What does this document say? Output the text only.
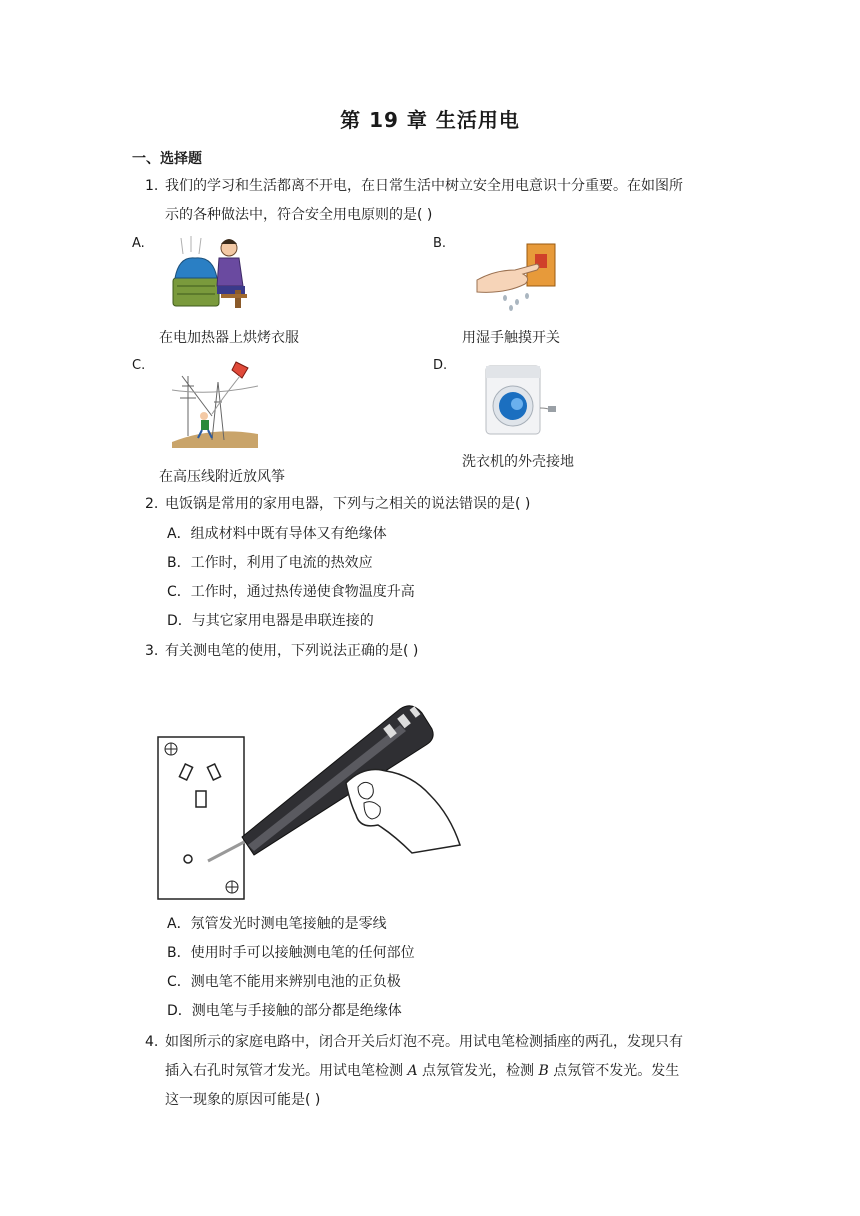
第 19 章 生活用电
一、选择题
1. 我们的学习和生活都离不开电，在日常生活中树立安全用电意识十分重要。在如图所
示的各种做法中，符合安全用电原则的是( )
A.
在电加热器上烘烤衣服
B.
用湿手触摸开关
C.
在高压线附近放风筝
D.
洗衣机的外壳接地
2. 电饭锅是常用的家用电器，下列与之相关的说法错误的是( )
A．组成材料中既有导体又有绝缘体
B．工作时，利用了电流的热效应
C．工作时，通过热传递使食物温度升高
D．与其它家用电器是串联连接的
3. 有关测电笔的使用，下列说法正确的是( )
A．氖管发光时测电笔接触的是零线
B．使用时手可以接触测电笔的任何部位
C．测电笔不能用来辨别电池的正负极
D．测电笔与手接触的部分都是绝缘体
4. 如图所示的家庭电路中，闭合开关后灯泡不亮。用试电笔检测插座的两孔，发现只有
插入右孔时氖管才发光。用试电笔检测 A 点氖管发光，检测 B 点氖管不发光。发生
这一现象的原因可能是( )
